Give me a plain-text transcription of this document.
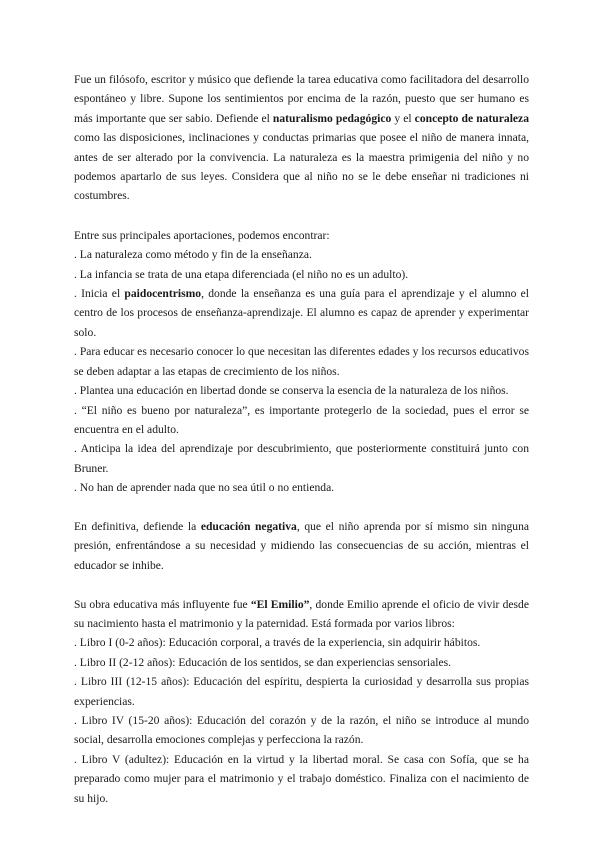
Fue un filósofo, escritor y músico que defiende la tarea educativa como facilitadora del desarrollo espontáneo y libre. Supone los sentimientos por encima de la razón, puesto que ser humano es más importante que ser sabio. Defiende el naturalismo pedagógico y el concepto de naturaleza como las disposiciones, inclinaciones y conductas primarias que posee el niño de manera innata, antes de ser alterado por la convivencia. La naturaleza es la maestra primigenia del niño y no podemos apartarlo de sus leyes. Considera que al niño no se le debe enseñar ni tradiciones ni costumbres.

Entre sus principales aportaciones, podemos encontrar:

. La naturaleza como método y fin de la enseñanza.

. La infancia se trata de una etapa diferenciada (el niño no es un adulto).

. Inicia el paidocentrismo, donde la enseñanza es una guía para el aprendizaje y el alumno el centro de los procesos de enseñanza-aprendizaje. El alumno es capaz de aprender y experimentar solo.

. Para educar es necesario conocer lo que necesitan las diferentes edades y los recursos educativos se deben adaptar a las etapas de crecimiento de los niños.

. Plantea una educación en libertad donde se conserva la esencia de la naturaleza de los niños.

. “El niño es bueno por naturaleza”, es importante protegerlo de la sociedad, pues el error se encuentra en el adulto.

. Anticipa la idea del aprendizaje por descubrimiento, que posteriormente constituirá junto con Bruner.

. No han de aprender nada que no sea útil o no entienda.

En definitiva, defiende la educación negativa, que el niño aprenda por sí mismo sin ninguna presión, enfrentándose a su necesidad y midiendo las consecuencias de su acción, mientras el educador se inhibe.

Su obra educativa más influyente fue “El Emilio”, donde Emilio aprende el oficio de vivir desde su nacimiento hasta el matrimonio y la paternidad. Está formada por varios libros:

. Libro I (0-2 años): Educación corporal, a través de la experiencia, sin adquirir hábitos.

. Libro II (2-12 años): Educación de los sentidos, se dan experiencias sensoriales.

. Libro III (12-15 años): Educación del espíritu, despierta la curiosidad y desarrolla sus propias experiencias.

. Libro IV (15-20 años): Educación del corazón y de la razón, el niño se introduce al mundo social, desarrolla emociones complejas y perfecciona la razón.

. Libro V (adultez): Educación en la virtud y la libertad moral. Se casa con Sofía, que se ha preparado como mujer para el matrimonio y el trabajo doméstico. Finaliza con el nacimiento de su hijo.
